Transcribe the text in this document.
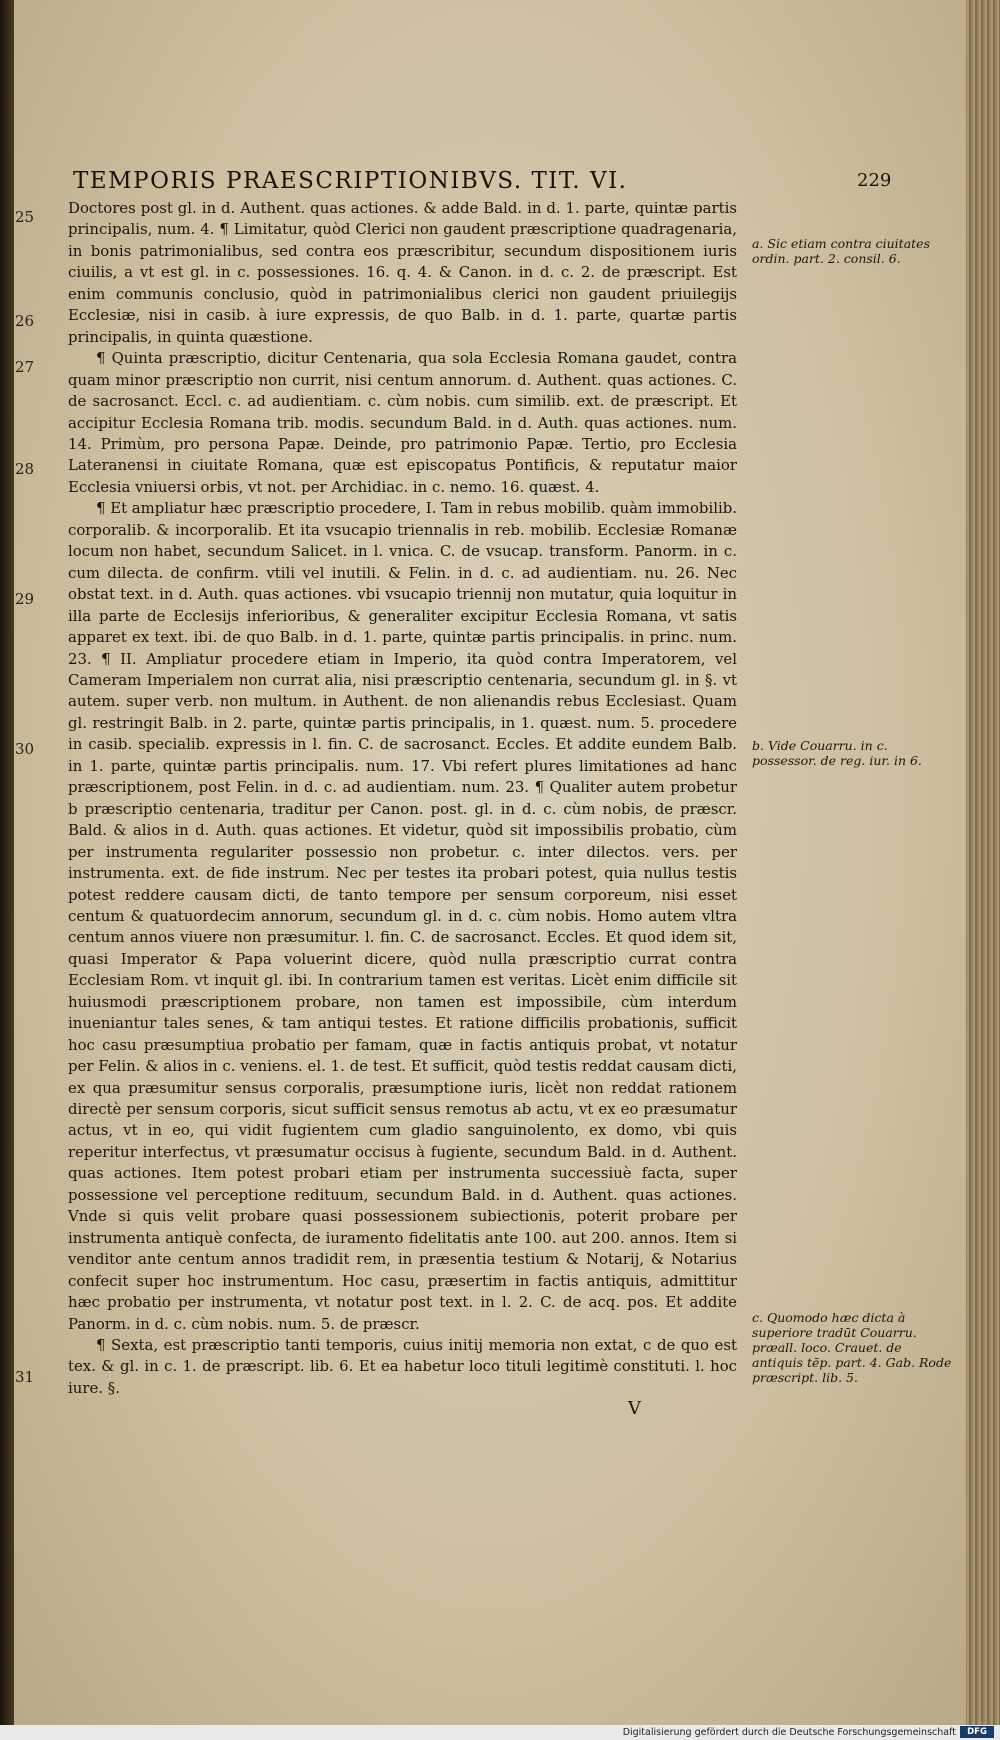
TEMPORIS PRAESCRIPTIONIBVS. TIT. VI.	229
25
26
27
28
29
30
31

Doctores post gl. in d. Authent. quas actiones. & adde Bald. in d. 1. parte, quintæ partis principalis, num. 4. ¶ Limitatur, quòd Clerici non gaudent præscriptione quadragenaria, in bonis patrimonialibus, sed contra eos præscribitur, secundum dispositionem iuris ciuilis, a vt est gl. in c. possessiones. 16. q. 4. & Canon. in d. c. 2. de præscript. Est enim communis conclusio, quòd in patrimonialibus clerici non gaudent priuilegijs Ecclesiæ, nisi in casib. à iure expressis, de quo Balb. in d. 1. parte, quartæ partis principalis, in quinta quæstione.

¶ Quinta præscriptio, dicitur Centenaria, qua sola Ecclesia Romana gaudet, contra quam minor præscriptio non currit, nisi centum annorum. d. Authent. quas actiones. C. de sacrosanct. Eccl. c. ad audientiam. c. cùm nobis. cum similib. ext. de præscript. Et accipitur Ecclesia Romana trib. modis. secundum Bald. in d. Auth. quas actiones. num. 14. Primùm, pro persona Papæ. Deinde, pro patrimonio Papæ. Tertio, pro Ecclesia Lateranensi in ciuitate Romana, quæ est episcopatus Pontificis, & reputatur maior Ecclesia vniuersi orbis, vt not. per Archidiac. in c. nemo. 16. quæst. 4.

¶ Et ampliatur hæc præscriptio procedere, I. Tam in rebus mobilib. quàm immobilib. corporalib. & incorporalib. Et ita vsucapio triennalis in reb. mobilib. Ecclesiæ Romanæ locum non habet, secundum Salicet. in l. vnica. C. de vsucap. transform. Panorm. in c. cum dilecta. de confirm. vtili vel inutili. & Felin. in d. c. ad audientiam. nu. 26. Nec obstat text. in d. Auth. quas actiones. vbi vsucapio triennij non mutatur, quia loquitur in illa parte de Ecclesijs inferioribus, & generaliter excipitur Ecclesia Romana, vt satis apparet ex text. ibi. de quo Balb. in d. 1. parte, quintæ partis principalis. in princ. num. 23. ¶ II. Ampliatur procedere etiam in Imperio, ita quòd contra Imperatorem, vel Cameram Imperialem non currat alia, nisi præscriptio centenaria, secundum gl. in §. vt autem. super verb. non multum. in Authent. de non alienandis rebus Ecclesiast. Quam gl. restringit Balb. in 2. parte, quintæ partis principalis, in 1. quæst. num. 5. procedere in casib. specialib. expressis in l. fin. C. de sacrosanct. Eccles. Et addite eundem Balb. in 1. parte, quintæ partis principalis. num. 17. Vbi refert plures limitationes ad hanc præscriptionem, post Felin. in d. c. ad audientiam. num. 23. ¶ Qualiter autem probetur b præscriptio centenaria, traditur per Canon. post. gl. in d. c. cùm nobis, de præscr. Bald. & alios in d. Auth. quas actiones. Et videtur, quòd sit impossibilis probatio, cùm per instrumenta regulariter possessio non probetur. c. inter dilectos. vers. per instrumenta. ext. de fide instrum. Nec per testes ita probari potest, quia nullus testis potest reddere causam dicti, de tanto tempore per sensum corporeum, nisi esset centum & quatuordecim annorum, secundum gl. in d. c. cùm nobis. Homo autem vltra centum annos viuere non præsumitur. l. fin. C. de sacrosanct. Eccles. Et quod idem sit, quasi Imperator & Papa voluerint dicere, quòd nulla præscriptio currat contra Ecclesiam Rom. vt inquit gl. ibi. In contrarium tamen est veritas. Licèt enim difficile sit huiusmodi præscriptionem probare, non tamen est impossibile, cùm interdum inueniantur tales senes, & tam antiqui testes. Et ratione difficilis probationis, sufficit hoc casu præsumptiua probatio per famam, quæ in factis antiquis probat, vt notatur per Felin. & alios in c. veniens. el. 1. de test. Et sufficit, quòd testis reddat causam dicti, ex qua præsumitur sensus corporalis, præsumptione iuris, licèt non reddat rationem directè per sensum corporis, sicut sufficit sensus remotus ab actu, vt ex eo præsumatur actus, vt in eo, qui vidit fugientem cum gladio sanguinolento, ex domo, vbi quis reperitur interfectus, vt præsumatur occisus à fugiente, secundum Bald. in d. Authent. quas actiones. Item potest probari etiam per instrumenta successiuè facta, super possessione vel perceptione redituum, secundum Bald. in d. Authent. quas actiones. Vnde si quis velit probare quasi possessionem subiectionis, poterit probare per instrumenta antiquè confecta, de iuramento fidelitatis ante 100. aut 200. annos. Item si venditor ante centum annos tradidit rem, in præsentia testium & Notarij, & Notarius confecit super hoc instrumentum. Hoc casu, præsertim in factis antiquis, admittitur hæc probatio per instrumenta, vt notatur post text. in l. 2. C. de acq. pos. Et addite Panorm. in d. c. cùm nobis. num. 5. de præscr.

¶ Sexta, est præscriptio tanti temporis, cuius initij memoria non extat, c de quo est tex. & gl. in c. 1. de præscript. lib. 6. Et ea habetur loco tituli legitimè constituti. l. hoc iure. §.

a. Sic etiam contra ciuitates ordin. part. 2. consil. 6.
b. Vide Couarru. in c. possessor. de reg. iur. in 6.
c. Quomodo hæc dicta à superiore tradūt Couarru. præall. loco. Crauet. de antiquis tēp. part. 4. Gab. Rode præscript. lib. 5.
V
Digitalisierung gefördert durch die Deutsche Forschungsgemeinschaft	DFG
